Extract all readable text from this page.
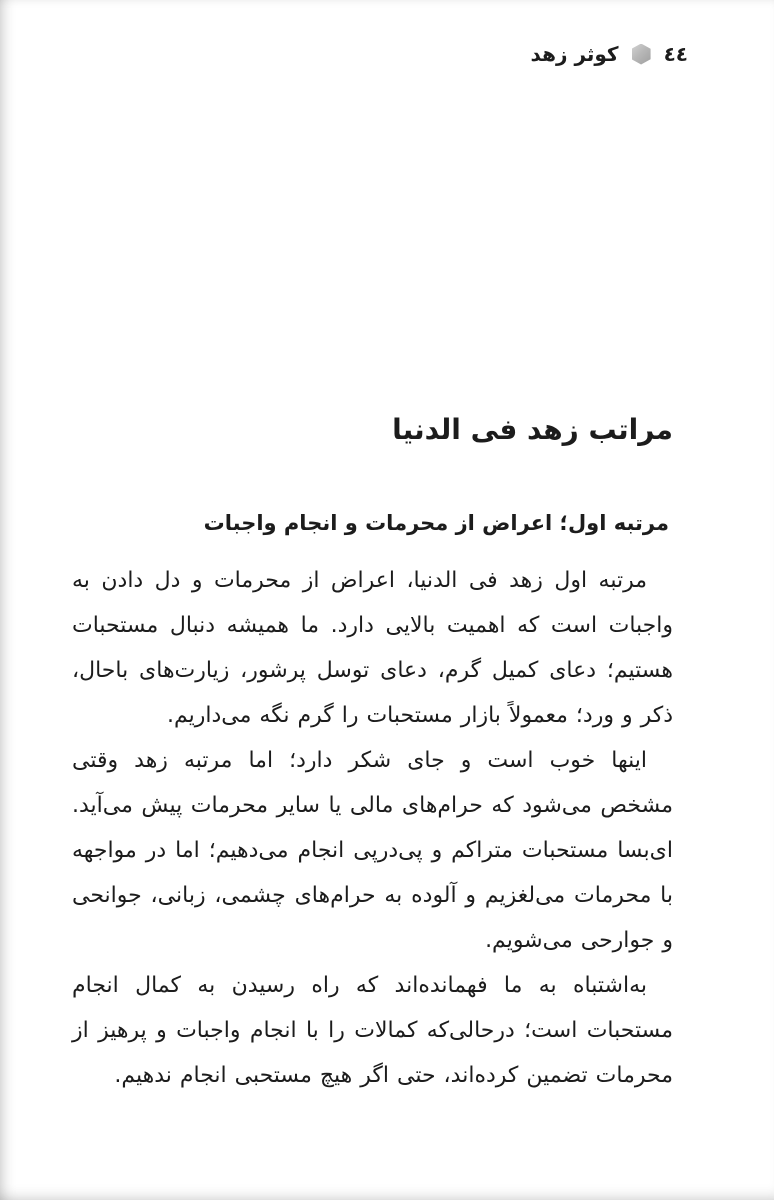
٤٤
کوثر زهد
مراتب زهد فی الدنیا
مرتبه اول؛ اعراض از محرمات و انجام واجبات

مرتبه اول زهد فی الدنیا، اعراض از محرمات و دل دادن به واجبات است که اهمیت بالایی دارد. ما همیشه دنبال مستحبات هستیم؛ دعای کمیل گرم، دعای توسل پرشور، زیارت‌های باحال، ذکر و ورد؛ معمولاً بازار مستحبات را گرم نگه می‌داریم.

اینها خوب است و جای شکر دارد؛ اما مرتبه زهد وقتی مشخص می‌شود که حرام‌های مالی یا سایر محرمات پیش می‌آید. ای‌بسا مستحبات متراکم و پی‌درپی انجام می‌دهیم؛ اما در مواجهه با محرمات می‌لغزیم و آلوده به حرام‌های چشمی، زبانی، جوانحی و جوارحی می‌شویم.

به‌اشتباه به ما فهمانده‌اند که راه رسیدن به کمال انجام مستحبات است؛ درحالی‌که کمالات را با انجام واجبات و پرهیز از محرمات تضمین کرده‌اند، حتی اگر هیچ مستحبی انجام ندهیم.
